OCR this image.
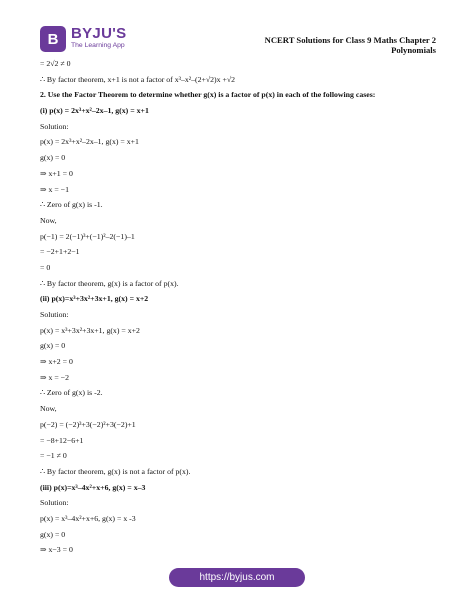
B BYJU'S
The Learning App
NCERT Solutions for Class 9 Maths Chapter 2
Polynomials
= 2√2 ≠ 0
∴ By factor theorem, x+1 is not a factor of x³–x²–(2+√2)x +√2
2. Use the Factor Theorem to determine whether g(x) is a factor of p(x) in each of the following cases:
(i) p(x) = 2x³+x²–2x–1, g(x) = x+1
Solution:
p(x) = 2x³+x²–2x–1, g(x) = x+1
g(x) = 0
⇒ x+1 = 0
⇒ x = −1
∴ Zero of g(x) is -1.
Now,
p(−1) = 2(−1)³+(−1)²–2(−1)–1
= −2+1+2−1
= 0
∴ By factor theorem, g(x) is a factor of p(x).
(ii) p(x)=x³+3x²+3x+1, g(x) = x+2
Solution:
p(x) = x³+3x²+3x+1, g(x) = x+2
g(x) = 0
⇒ x+2 = 0
⇒ x = −2
∴ Zero of g(x) is -2.
Now,
p(−2) = (−2)³+3(−2)²+3(−2)+1
= −8+12−6+1
= −1 ≠ 0
∴ By factor theorem, g(x) is not a factor of p(x).
(iii) p(x)=x³–4x²+x+6, g(x) = x–3
Solution:
p(x) = x³–4x²+x+6, g(x) = x -3
g(x) = 0
⇒ x−3 = 0
https://byjus.com
